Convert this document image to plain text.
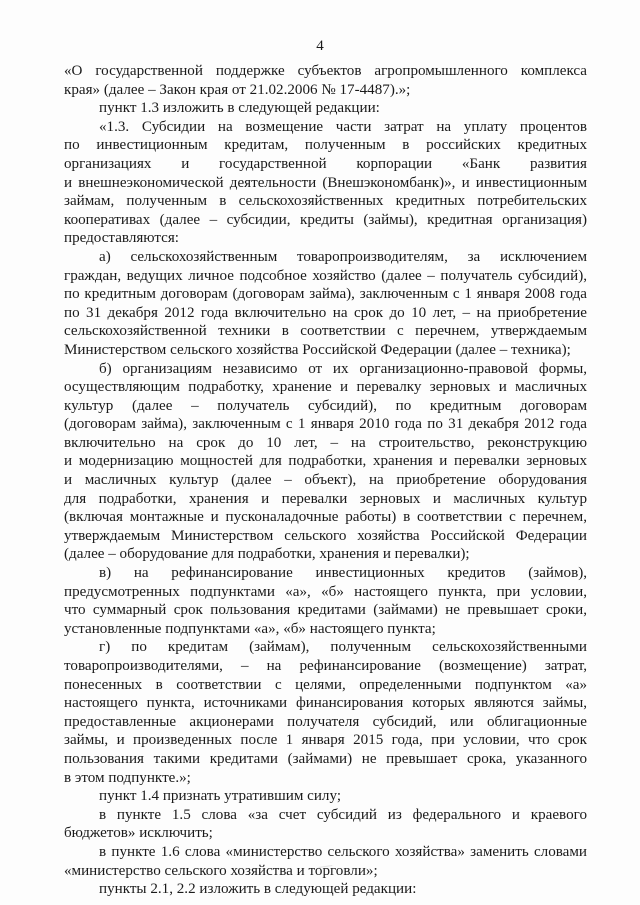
4
«О государственной поддержке субъектов агропромышленного комплекса
края» (далее – Закон края от 21.02.2006 № 17-4487).»;
пункт 1.3 изложить в следующей редакции:
«1.3. Субсидии на возмещение части затрат на уплату процентов
по инвестиционным кредитам, полученным в российских кредитных
организациях и государственной корпорации «Банк развития
и внешнеэкономической деятельности (Внешэкономбанк)», и инвестиционным
займам, полученным в сельскохозяйственных кредитных потребительских
кооперативах (далее – субсидии, кредиты (займы), кредитная организация)
предоставляются:
а) сельскохозяйственным товаропроизводителям, за исключением
граждан, ведущих личное подсобное хозяйство (далее – получатель субсидий),
по кредитным договорам (договорам займа), заключенным с 1 января 2008 года
по 31 декабря 2012 года включительно на срок до 10 лет, – на приобретение
сельскохозяйственной техники в соответствии с перечнем, утверждаемым
Министерством сельского хозяйства Российской Федерации (далее – техника);
б) организациям независимо от их организационно-правовой формы,
осуществляющим подработку, хранение и перевалку зерновых и масличных
культур (далее – получатель субсидий), по кредитным договорам
(договорам займа), заключенным с 1 января 2010 года по 31 декабря 2012 года
включительно на срок до 10 лет, – на строительство, реконструкцию
и модернизацию мощностей для подработки, хранения и перевалки зерновых
и масличных культур (далее – объект), на приобретение оборудования
для подработки, хранения и перевалки зерновых и масличных культур
(включая монтажные и пусконаладочные работы) в соответствии с перечнем,
утверждаемым Министерством сельского хозяйства Российской Федерации
(далее – оборудование для подработки, хранения и перевалки);
в) на рефинансирование инвестиционных кредитов (займов),
предусмотренных подпунктами «а», «б» настоящего пункта, при условии,
что суммарный срок пользования кредитами (займами) не превышает сроки,
установленные подпунктами «а», «б» настоящего пункта;
г) по кредитам (займам), полученным сельскохозяйственными
товаропроизводителями, – на рефинансирование (возмещение) затрат,
понесенных в соответствии с целями, определенными подпунктом «а»
настоящего пункта, источниками финансирования которых являются займы,
предоставленные акционерами получателя субсидий, или облигационные
займы, и произведенных после 1 января 2015 года, при условии, что срок
пользования такими кредитами (займами) не превышает срока, указанного
в этом подпункте.»;
пункт 1.4 признать утратившим силу;
в пункте 1.5 слова «за счет субсидий из федерального и краевого
бюджетов» исключить;
в пункте 1.6 слова «министерство сельского хозяйства» заменить словами
«министерство сельского хозяйства и торговли»;
пункты 2.1, 2.2 изложить в следующей редакции:
